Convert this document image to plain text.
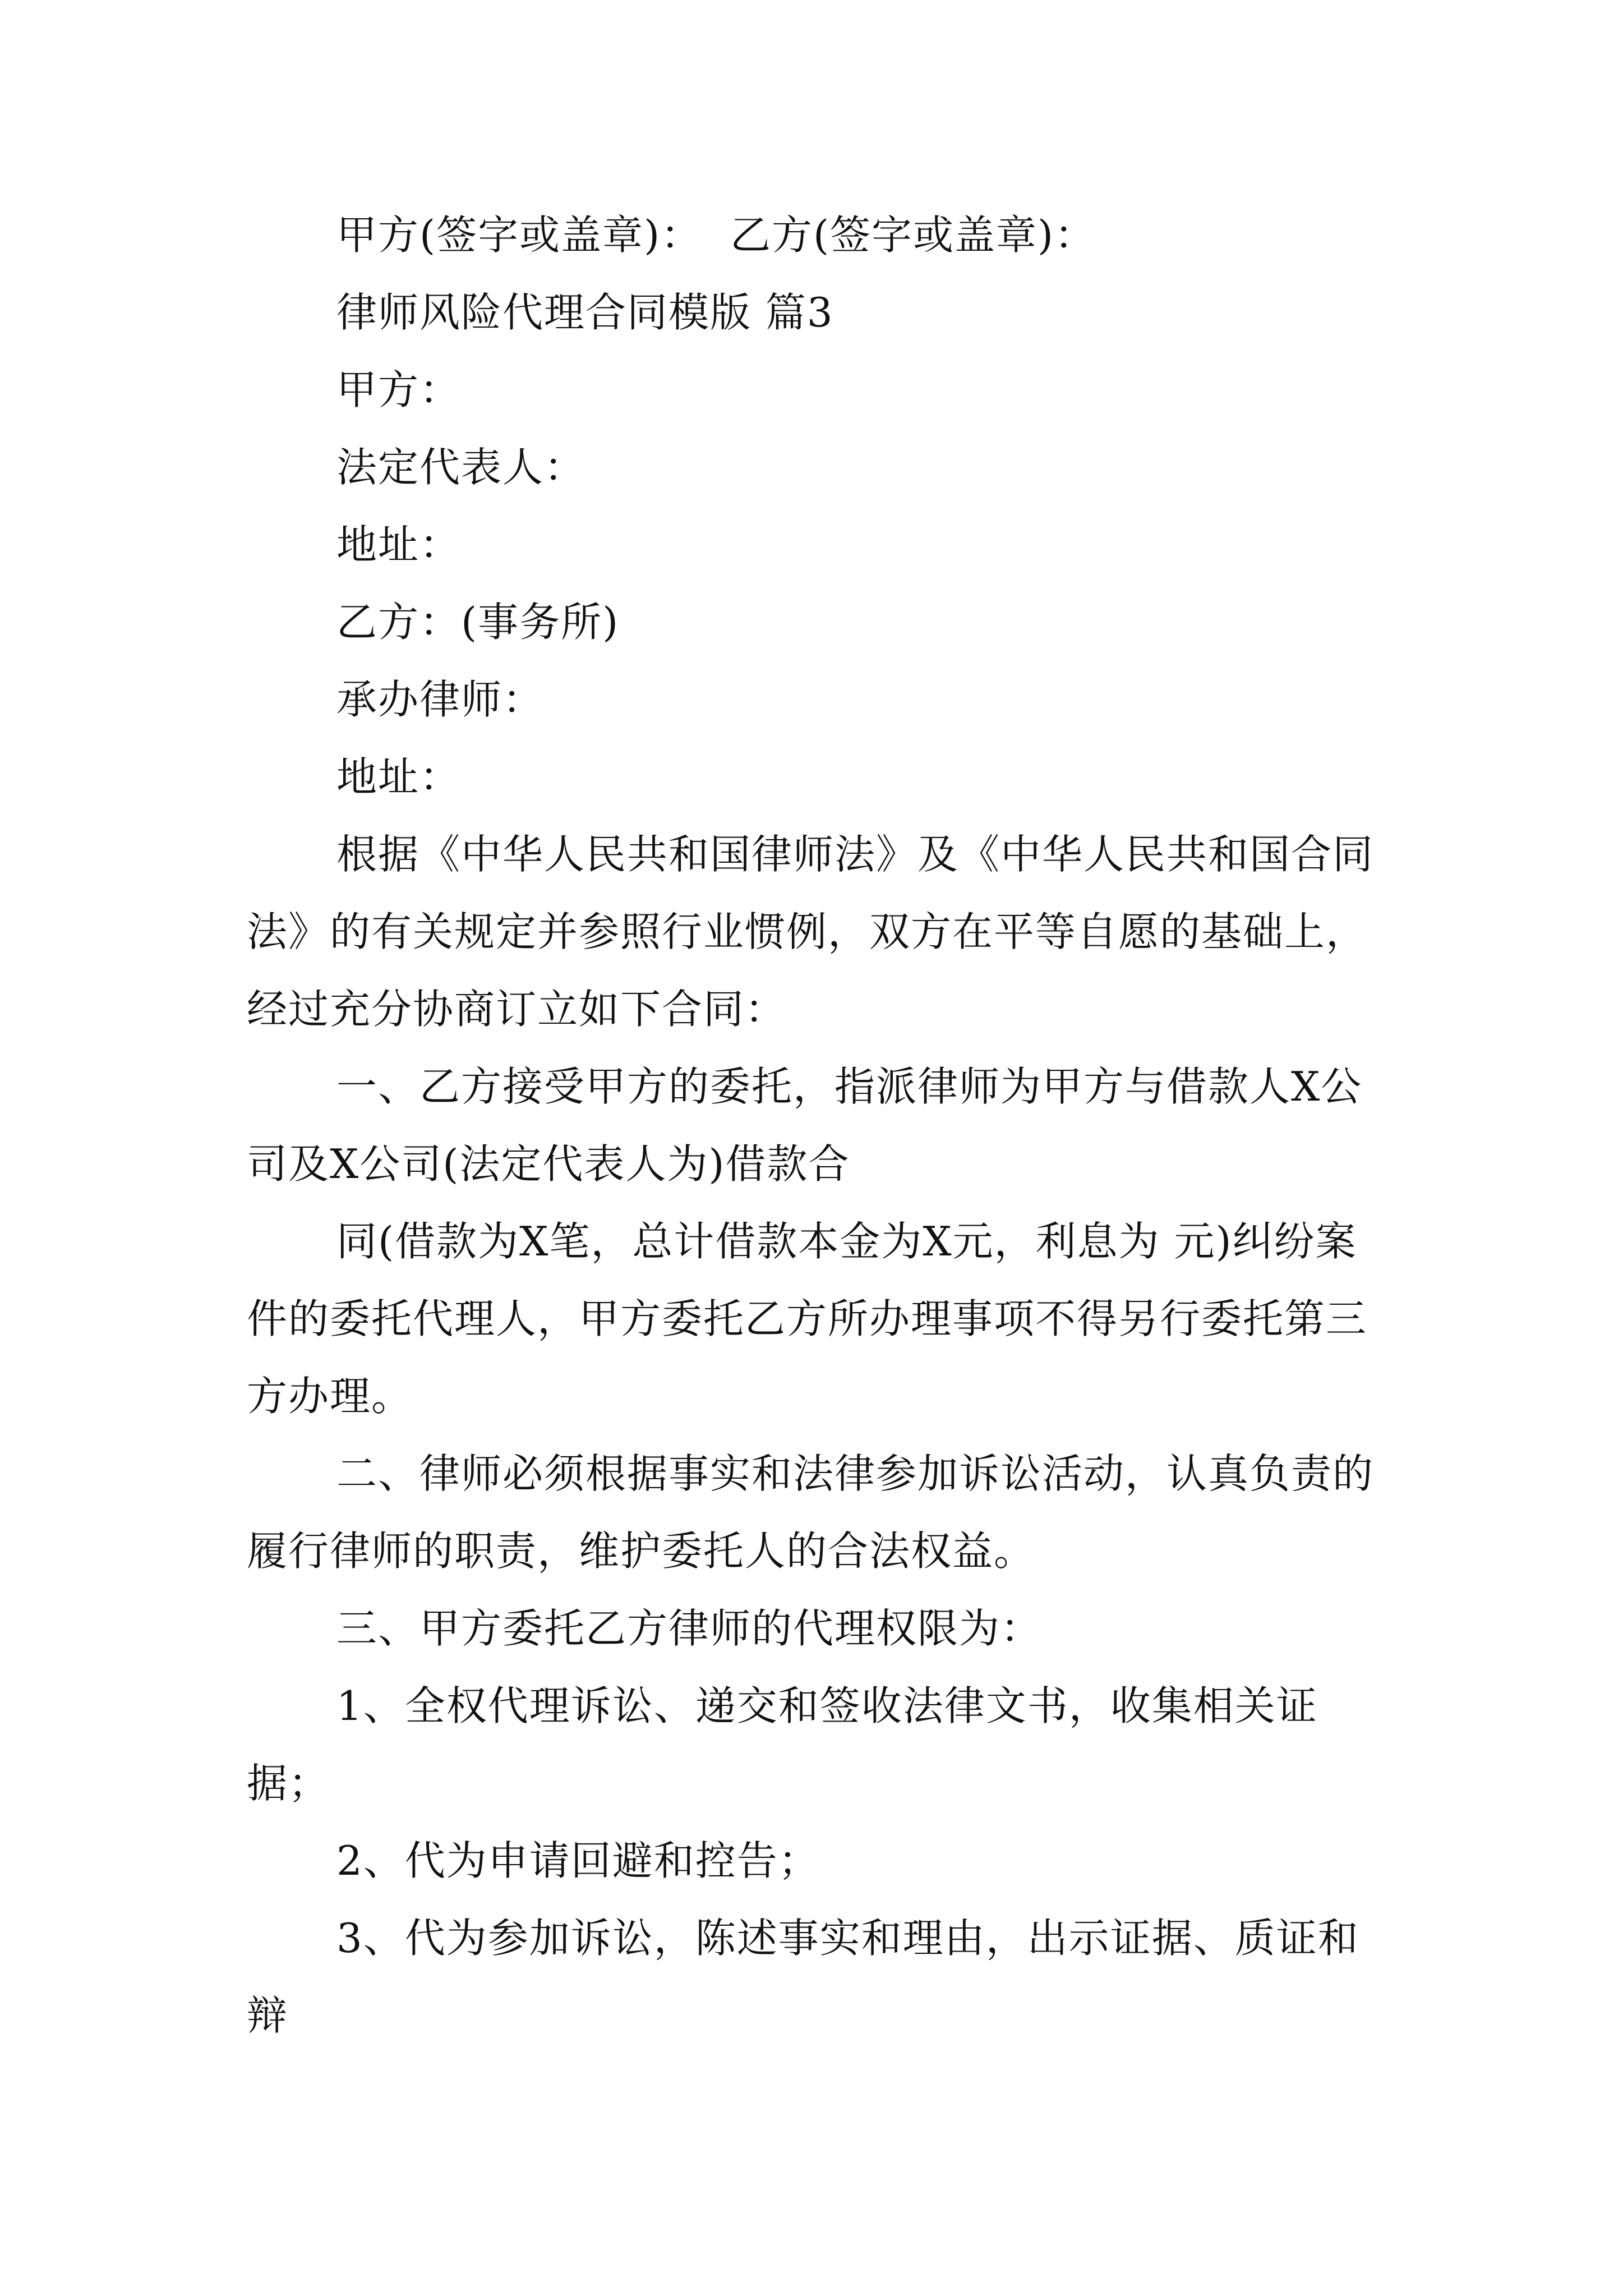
甲方(签字或盖章)：  乙方(签字或盖章)：

律师风险代理合同模版 篇3

甲方：

法定代表人：

地址：

乙方：(事务所)

承办律师：

地址：

根据《中华人民共和国律师法》及《中华人民共和国合同法》的有关规定并参照行业惯例，双方在平等自愿的基础上，经过充分协商订立如下合同：

一、乙方接受甲方的委托，指派律师为甲方与借款人X公司及X公司(法定代表人为)借款合

同(借款为X笔，总计借款本金为X元，利息为 元)纠纷案件的委托代理人，甲方委托乙方所办理事项不得另行委托第三方办理。

二、律师必须根据事实和法律参加诉讼活动，认真负责的履行律师的职责，维护委托人的合法权益。

三、甲方委托乙方律师的代理权限为：

1、全权代理诉讼、递交和签收法律文书，收集相关证据；

2、代为申请回避和控告；

3、代为参加诉讼，陈述事实和理由，出示证据、质证和辩
